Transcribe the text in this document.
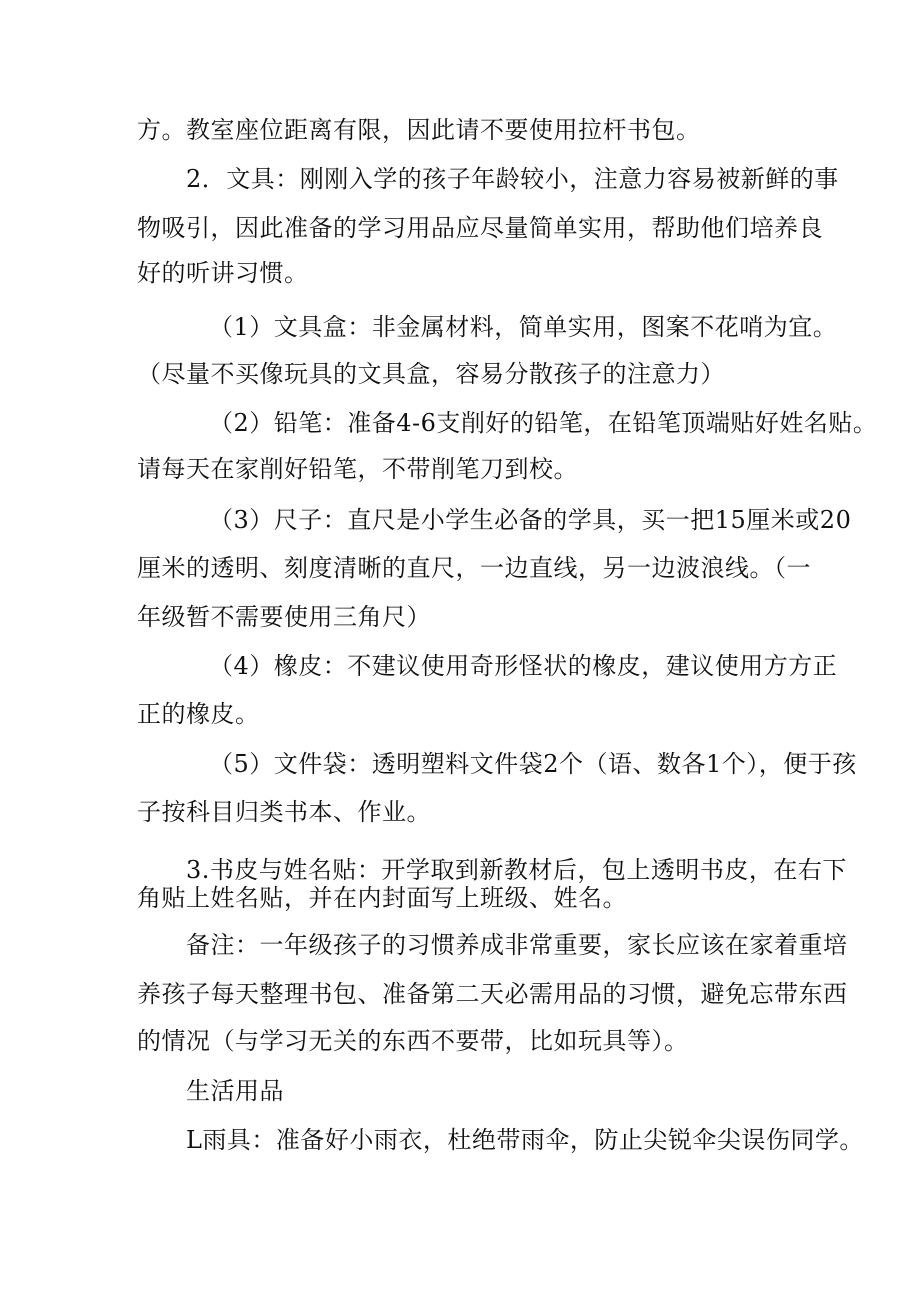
方。教室座位距离有限，因此请不要使用拉杆书包。

2．文具：刚刚入学的孩子年龄较小，注意力容易被新鲜的事

物吸引，因此准备的学习用品应尽量简单实用，帮助他们培养良

好的听讲习惯。

（1）文具盒：非金属材料，简单实用，图案不花哨为宜。

（尽量不买像玩具的文具盒，容易分散孩子的注意力）

（2）铅笔：准备4-6支削好的铅笔，在铅笔顶端贴好姓名贴。

请每天在家削好铅笔，不带削笔刀到校。

（3）尺子：直尺是小学生必备的学具，买一把15厘米或20

厘米的透明、刻度清晰的直尺，一边直线，另一边波浪线。（一

年级暂不需要使用三角尺）

（4）橡皮：不建议使用奇形怪状的橡皮，建议使用方方正

正的橡皮。

（5）文件袋：透明塑料文件袋2个（语、数各1个），便于孩

子按科目归类书本、作业。

3.书皮与姓名贴：开学取到新教材后，包上透明书皮，在右下

角贴上姓名贴，并在内封面写上班级、姓名。

备注：一年级孩子的习惯养成非常重要，家长应该在家着重培

养孩子每天整理书包、准备第二天必需用品的习惯，避免忘带东西

的情况（与学习无关的东西不要带，比如玩具等）。

生活用品

L雨具：准备好小雨衣，杜绝带雨伞，防止尖锐伞尖误伤同学。
